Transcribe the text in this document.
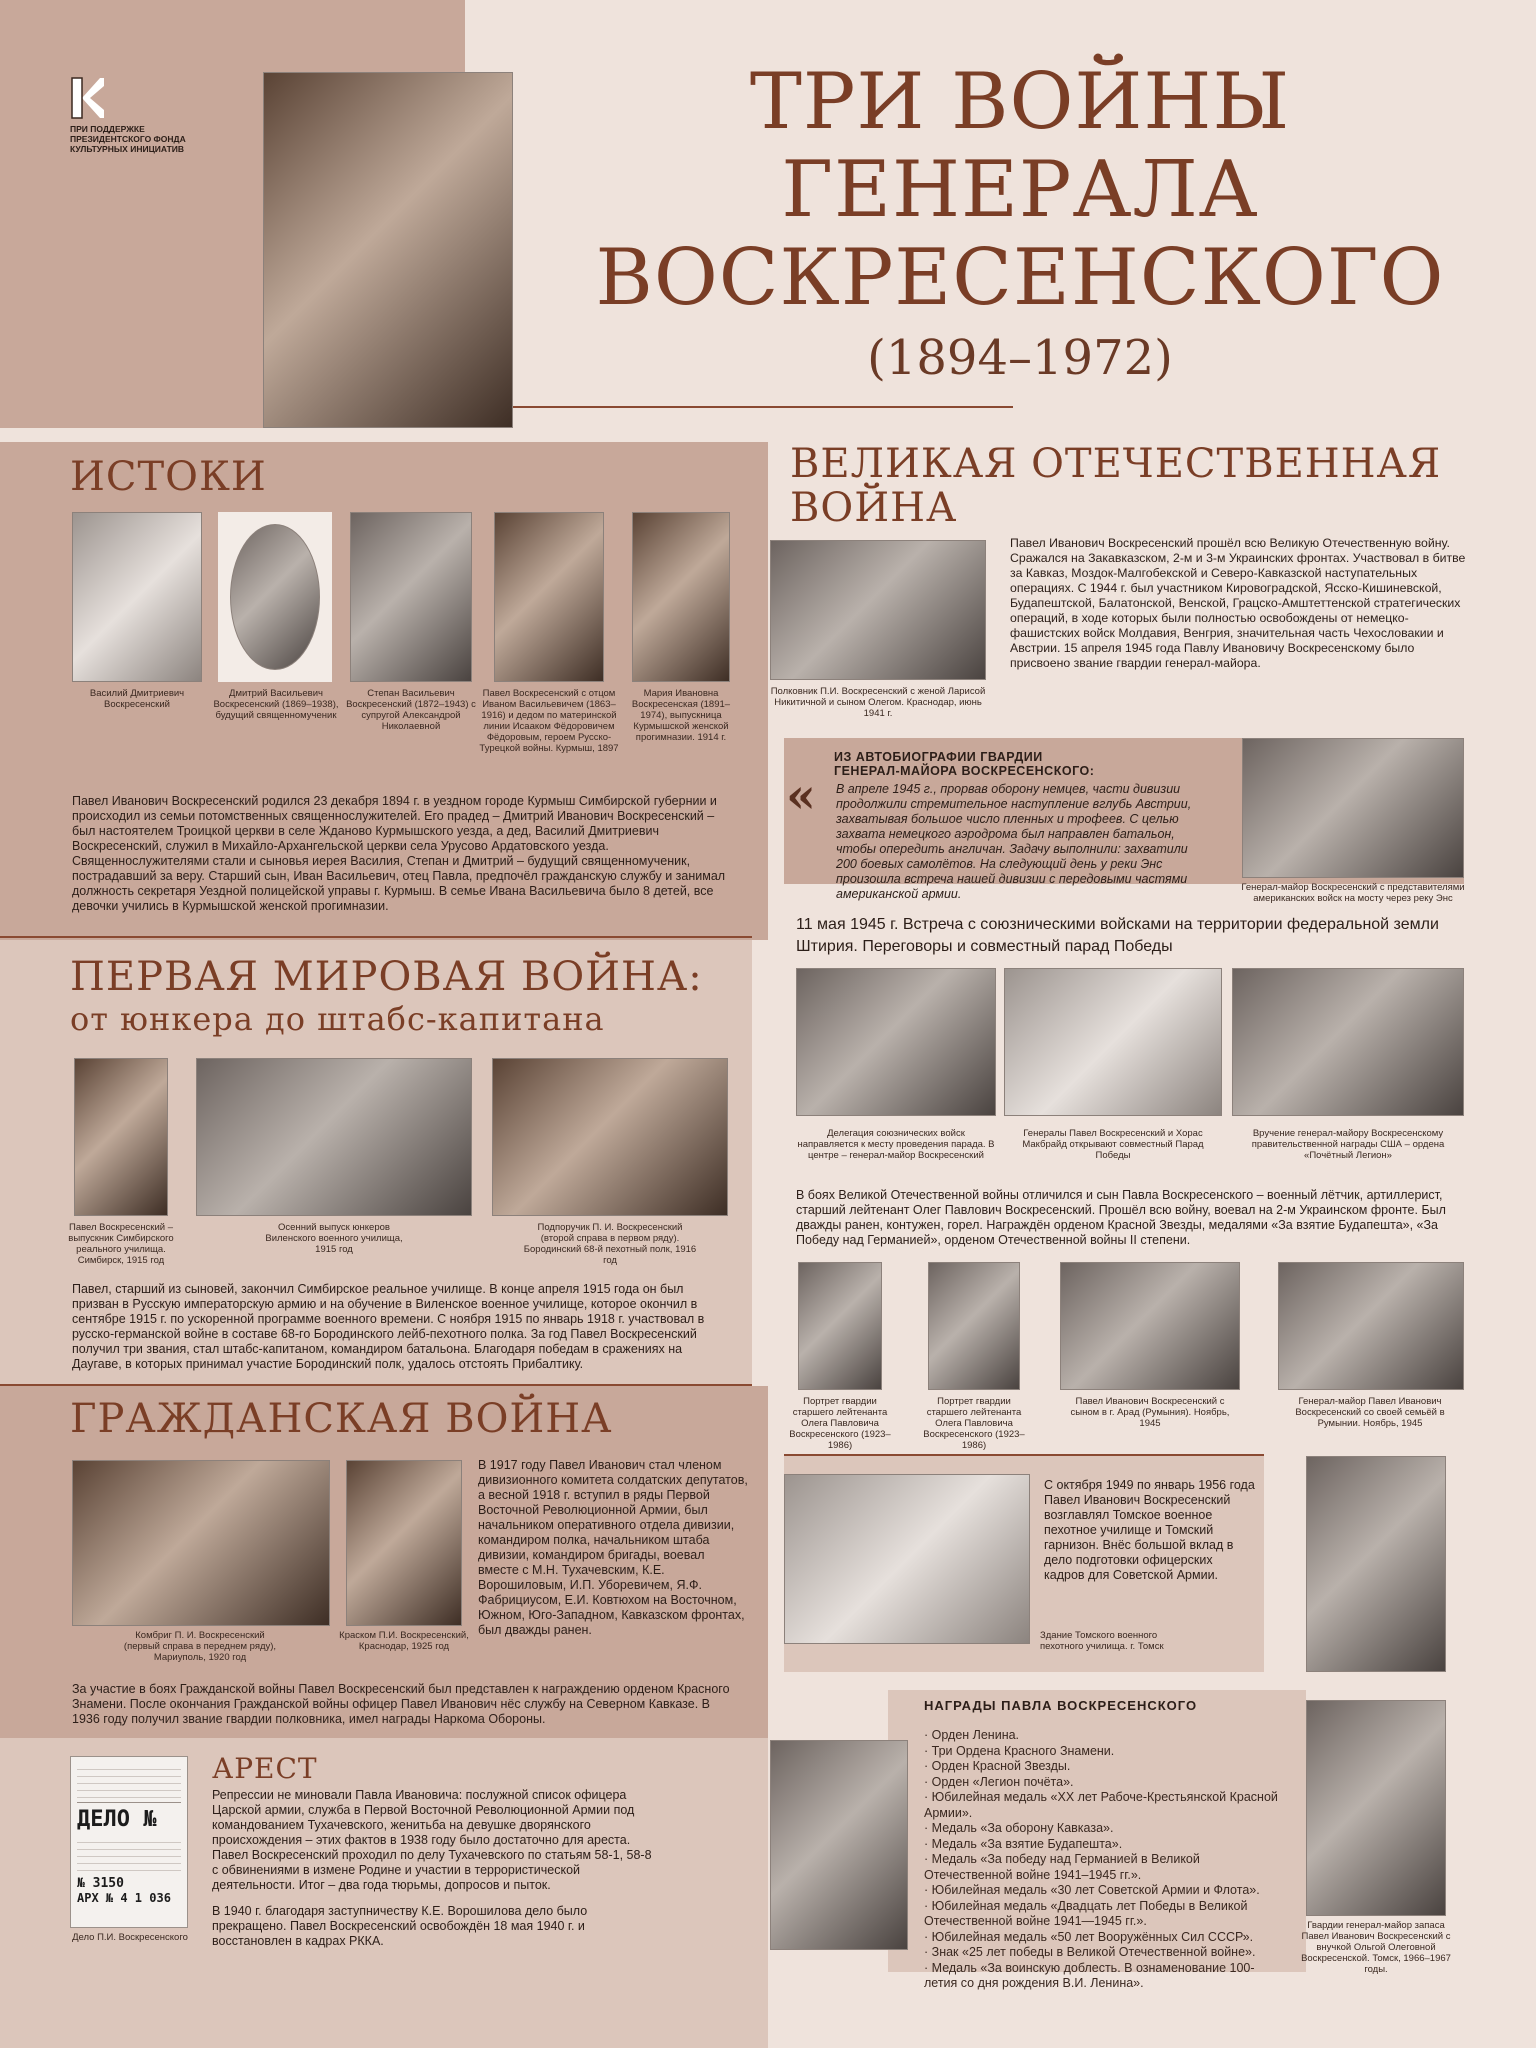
ПРИ ПОДДЕРЖКЕ
ПРЕЗИДЕНТСКОГО ФОНДА
КУЛЬТУРНЫХ ИНИЦИАТИВ
ТРИ ВОЙНЫ
ГЕНЕРАЛА
ВОСКРЕСЕНСКОГО
(1894–1972)
ИСТОКИ
Василий Дмитриевич Воскресенский
Дмитрий Васильевич Воскресенский (1869–1938), будущий священномученик
Степан Васильевич Воскресенский (1872–1943) с супругой Александрой Николаевной
Павел Воскресенский с отцом Иваном Васильевичем (1863–1916) и дедом по материнской линии Исааком Фёдоровичем Фёдоровым, героем Русско-Турецкой войны. Курмыш, 1897
Мария Ивановна Воскресенская (1891–1974), выпускница Курмышской женской прогимназии. 1914 г.
Павел Иванович Воскресенский родился 23 декабря 1894 г. в уездном городе Курмыш Симбирской губернии и происходил из семьи потомственных священнослужителей. Его прадед – Дмитрий Иванович Воскресенский – был настоятелем Троицкой церкви в селе Жданово Курмышского уезда, а дед, Василий Дмитриевич Воскресенский, служил в Михайло-Архангельской церкви села Урусово Ардатовского уезда. Священнослужителями стали и сыновья иерея Василия, Степан и Дмитрий – будущий священномученик, пострадавший за веру. Старший сын, Иван Васильевич, отец Павла, предпочёл гражданскую службу и занимал должность секретаря Уездной полицейской управы г. Курмыш. В семье Ивана Васильевича было 8 детей, все девочки учились в Курмышской женской прогимназии.
ПЕРВАЯ МИРОВАЯ ВОЙНА:
от юнкера до штабс-капитана
Павел Воскресенский – выпускник Симбирского реального училища. Симбирск, 1915 год
Осенний выпуск юнкеров Виленского военного училища, 1915 год
Подпоручик П. И. Воскресенский (второй справа в первом ряду). Бородинский 68-й пехотный полк, 1916 год
Павел, старший из сыновей, закончил Симбирское реальное училище. В конце апреля 1915 года он был призван в Русскую императорскую армию и на обучение в Виленское военное училище, которое окончил в сентябре 1915 г. по ускоренной программе военного времени. С ноября 1915 по январь 1918 г. участвовал в русско-германской войне в составе 68-го Бородинского лейб-пехотного полка. За год Павел Воскресенский получил три звания, стал штабс-капитаном, командиром батальона. Благодаря победам в сражениях на Даугаве, в которых принимал участие Бородинский полк, удалось отстоять Прибалтику.
ГРАЖДАНСКАЯ ВОЙНА
Комбриг П. И. Воскресенский (первый справа в переднем ряду), Мариуполь, 1920 год
Краском П.И. Воскресенский, Краснодар, 1925 год
В 1917 году Павел Иванович стал членом дивизионного комитета солдатских депутатов, а весной 1918 г. вступил в ряды Первой Восточной Революционной Армии, был начальником оперативного отдела дивизии, командиром полка, начальником штаба дивизии, командиром бригады, воевал вместе с М.Н. Тухачевским, К.Е. Ворошиловым, И.П. Уборевичем, Я.Ф. Фабрициусом, Е.И. Ковтюхом на Восточном, Южном, Юго-Западном, Кавказском фронтах, был дважды ранен.
За участие в боях Гражданской войны Павел Воскресенский был представлен к награждению орденом Красного Знамени. После окончания Гражданской войны офицер Павел Иванович нёс службу на Северном Кавказе. В 1936 году получил звание гвардии полковника, имел награды Наркома Обороны.
ДЕЛО №
№ 3150
АРХ № 4 1 036
Дело П.И. Воскресенского
АРЕСТ
Репрессии не миновали Павла Ивановича: послужной список офицера Царской армии, служба в Первой Восточной Революционной Армии под командованием Тухачевского, женитьба на девушке дворянского происхождения – этих фактов в 1938 году было достаточно для ареста. Павел Воскресенский проходил по делу Тухачевского по статьям 58-1, 58-8 с обвинениями в измене Родине и участии в террористической деятельности. Итог – два года тюрьмы, допросов и пыток.
В 1940 г. благодаря заступничеству К.Е. Ворошилова дело было прекращено. Павел Воскресенский освобождён 18 мая 1940 г. и восстановлен в кадрах РККА.
ВЕЛИКАЯ ОТЕЧЕСТВЕННАЯ
ВОЙНА
Полковник П.И. Воскресенский с женой Ларисой Никитичной и сыном Олегом. Краснодар, июнь 1941 г.
Павел Иванович Воскресенский прошёл всю Великую Отечественную войну. Сражался на Закавказском, 2-м и 3-м Украинских фронтах. Участвовал в битве за Кавказ, Моздок-Малгобекской и Северо-Кавказской наступательных операциях. С 1944 г. был участником Кировоградской, Ясско-Кишиневской, Будапештской, Балатонской, Венской, Грацско-Амштеттенской стратегических операций, в ходе которых были полностью освобождены от немецко-фашистских войск Молдавия, Венгрия, значительная часть Чехословакии и Австрии. 15 апреля 1945 года Павлу Ивановичу Воскресенскому было присвоено звание гвардии генерал-майора.
«
ИЗ АВТОБИОГРАФИИ ГВАРДИИ
ГЕНЕРАЛ-МАЙОРА ВОСКРЕСЕНСКОГО:
В апреле 1945 г., прорвав оборону немцев, части дивизии продолжили стремительное наступление вглубь Австрии, захватывая большое число пленных и трофеев. С целью захвата немецкого аэродрома был направлен батальон, чтобы опередить англичан. Задачу выполнили: захватили 200 боевых самолётов. На следующий день у реки Энс произошла встреча нашей дивизии с передовыми частями американской армии.	Генерал-майор Воскресенский с представителями американских войск на мосту через реку Энс
11 мая 1945 г. Встреча с союзническими войсками на территории федеральной земли Штирия. Переговоры и совместный парад Победы
Делегация союзнических войск направляется к месту проведения парада. В центре – генерал-майор Воскресенский
Генералы Павел Воскресенский и Хорас Макбрайд открывают совместный Парад Победы
Вручение генерал-майору Воскресенскому правительственной награды США – ордена «Почётный Легион»
В боях Великой Отечественной войны отличился и сын Павла Воскресенского – военный лётчик, артиллерист, старший лейтенант Олег Павлович Воскресенский. Прошёл всю войну, воевал на 2-м Украинском фронте. Был дважды ранен, контужен, горел. Награждён орденом Красной Звезды, медалями «За взятие Будапешта», «За Победу над Германией», орденом Отечественной войны II степени.
Портрет гвардии старшего лейтенанта Олега Павловича Воскресенского (1923–1986)
Портрет гвардии старшего лейтенанта Олега Павловича Воскресенского (1923–1986)
Павел Иванович Воскресенский с сыном в г. Арад (Румыния). Ноябрь, 1945
Генерал-майор Павел Иванович Воскресенский со своей семьёй в Румынии. Ноябрь, 1945
С октября 1949 по январь 1956 года Павел Иванович Воскресенский возглавлял Томское военное пехотное училище и Томский гарнизон. Внёс большой вклад в дело подготовки офицерских кадров для Советской Армии.
Здание Томского военного пехотного училища. г. Томск
НАГРАДЫ ПАВЛА ВОСКРЕСЕНСКОГО
· Орден Ленина.
· Три Ордена Красного Знамени.
· Орден Красной Звезды.
· Орден «Легион почёта».
· Юбилейная медаль «XX лет Рабоче-Крестьянской Красной Армии».
· Медаль «За оборону Кавказа».
· Медаль «За взятие Будапешта».
· Медаль «За победу над Германией в Великой Отечественной войне 1941–1945 гг.».
· Юбилейная медаль «30 лет Советской Армии и Флота».
· Юбилейная медаль «Двадцать лет Победы в Великой Отечественной войне 1941—1945 гг.».
· Юбилейная медаль «50 лет Вооружённых Сил СССР».
· Знак «25 лет победы в Великой Отечественной войне».
· Медаль «За воинскую доблесть. В ознаменование 100-летия со дня рождения В.И. Ленина».
Гвардии генерал-майор запаса Павел Иванович Воскресенский с внучкой Ольгой Олеговной Воскресенской. Томск, 1966–1967 годы.
